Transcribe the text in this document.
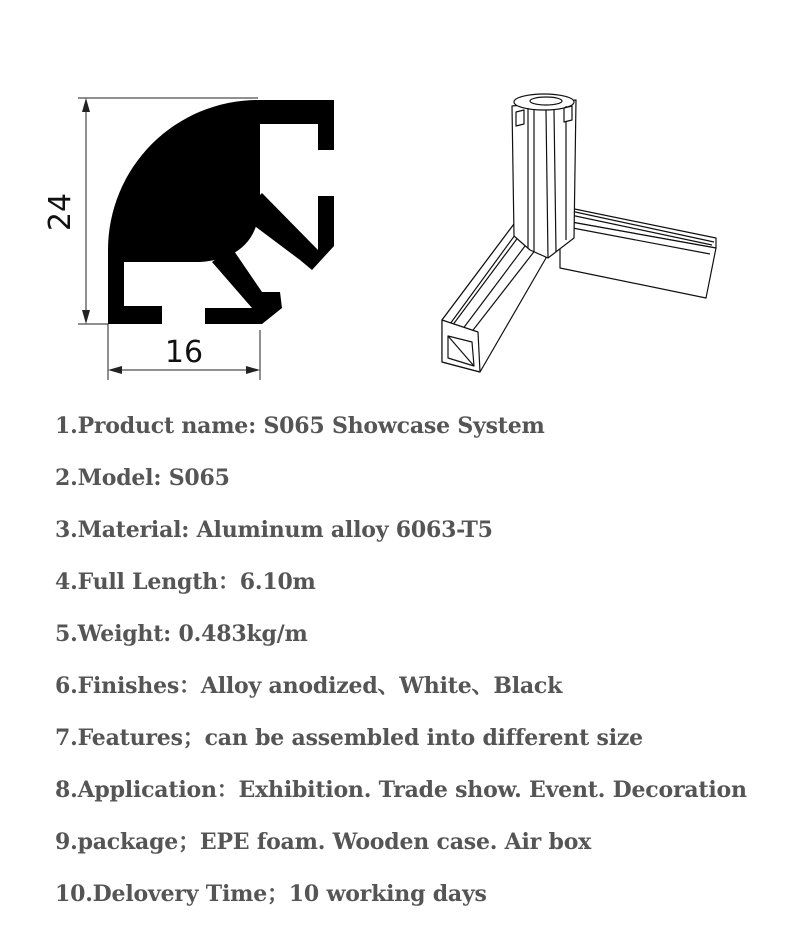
24
16
1.Product name: S065 Showcase System
2.Model: S065
3.Material: Aluminum alloy 6063-T5
4.Full Length：6.10m
5.Weight: 0.483kg/m
6.Finishes：Alloy anodized、White、Black
7.Features；can be assembled into different size
8.Application：Exhibition. Trade show. Event. Decoration
9.package；EPE foam. Wooden case. Air box
10.Delovery Time；10 working days
